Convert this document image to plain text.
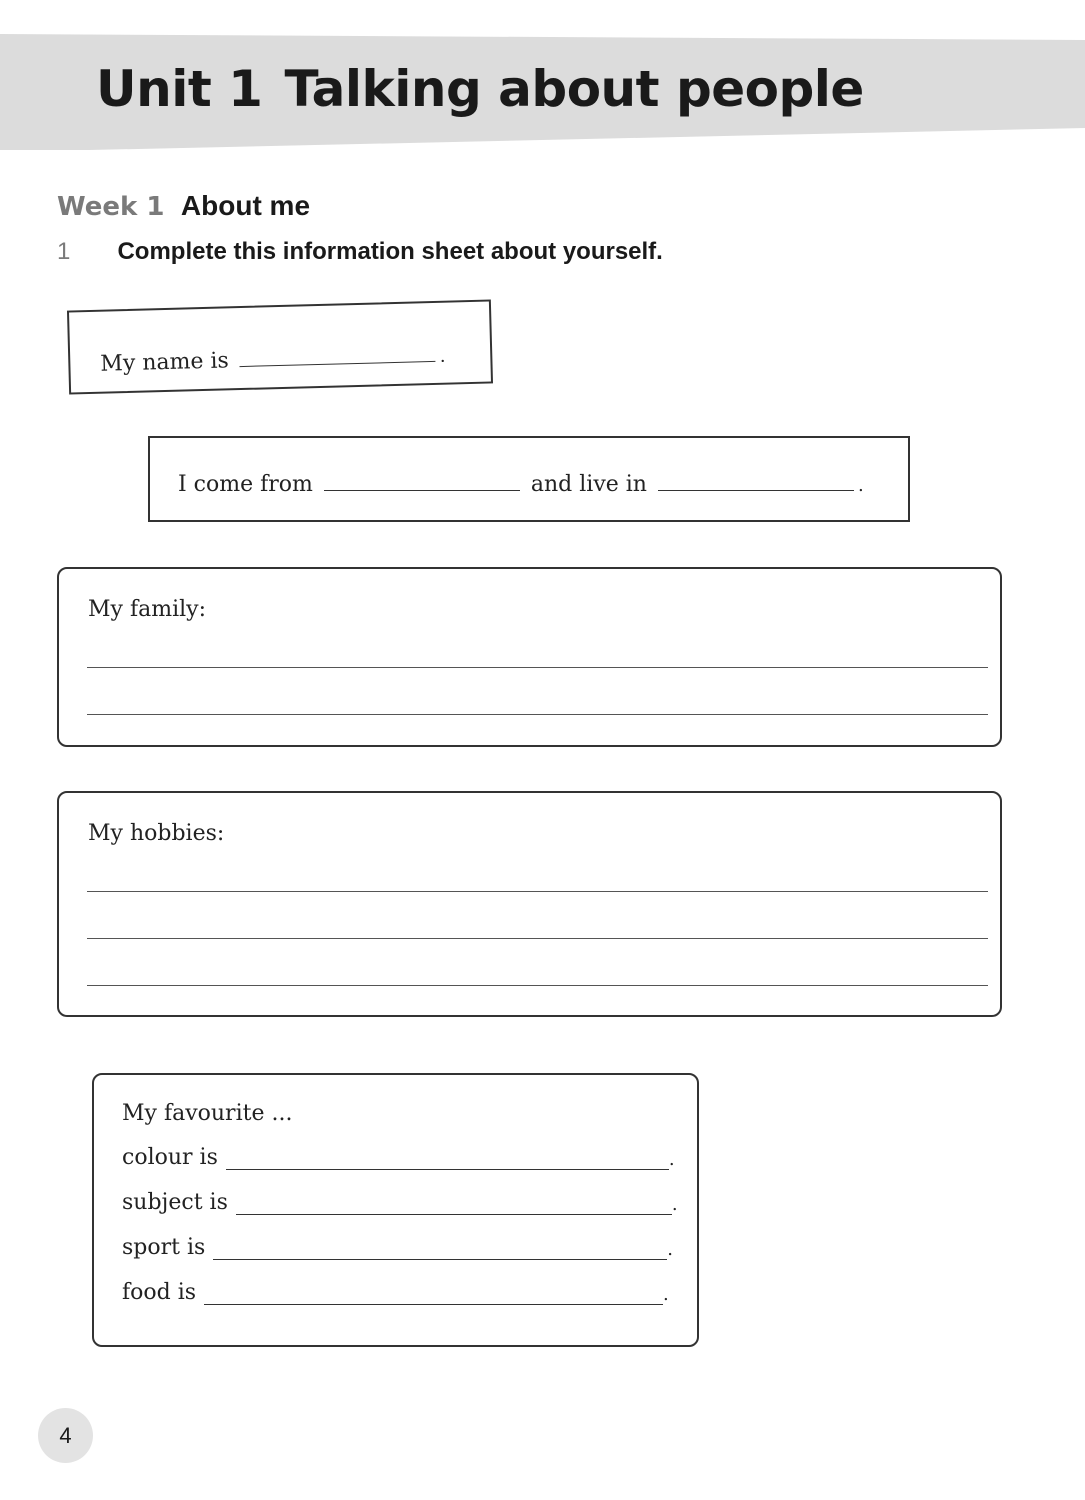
Unit 1 Talking about people
Week 1 About me
1 Complete this information sheet about yourself.
My name is	.
I come from	and live in	.
My family:
My hobbies:
My favourite ...
colour is	.
subject is	.
sport is	.
food is	.
4
